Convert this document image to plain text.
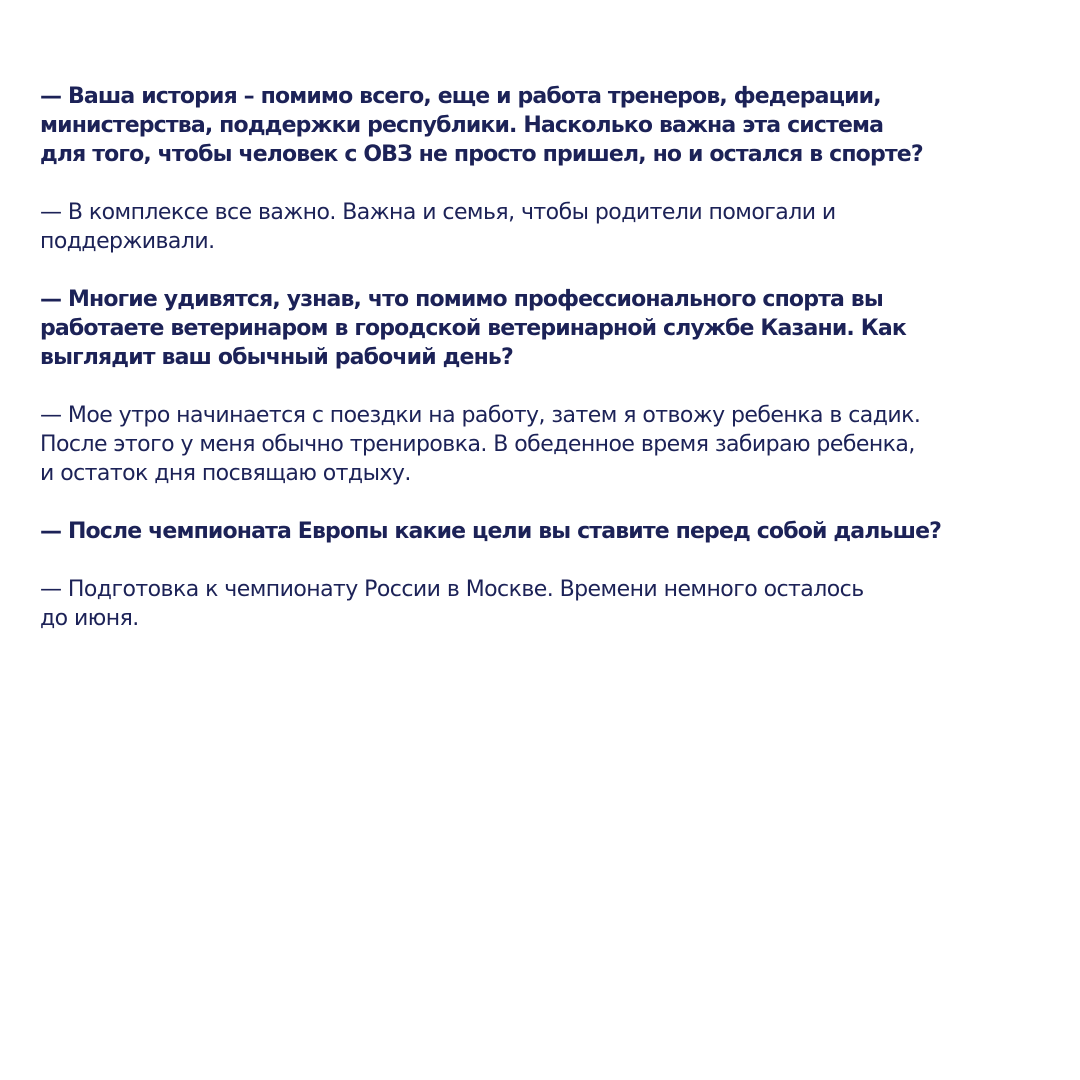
— Ваша история – помимо всего, еще и работа тренеров, федерации,
министерства, поддержки республики. Насколько важна эта система
для того, чтобы человек с ОВЗ не просто пришел, но и остался в спорте?
— В комплексе все важно. Важна и семья, чтобы родители помогали и
поддерживали.
— Многие удивятся, узнав, что помимо профессионального спорта вы
работаете ветеринаром в городской ветеринарной службе Казани. Как
выглядит ваш обычный рабочий день?
— Мое утро начинается с поездки на работу, затем я отвожу ребенка в садик.
После этого у меня обычно тренировка. В обеденное время забираю ребенка,
и остаток дня посвящаю отдыху.
— После чемпионата Европы какие цели вы ставите перед собой дальше?
— Подготовка к чемпионату России в Москве. Времени немного осталось
до июня.
